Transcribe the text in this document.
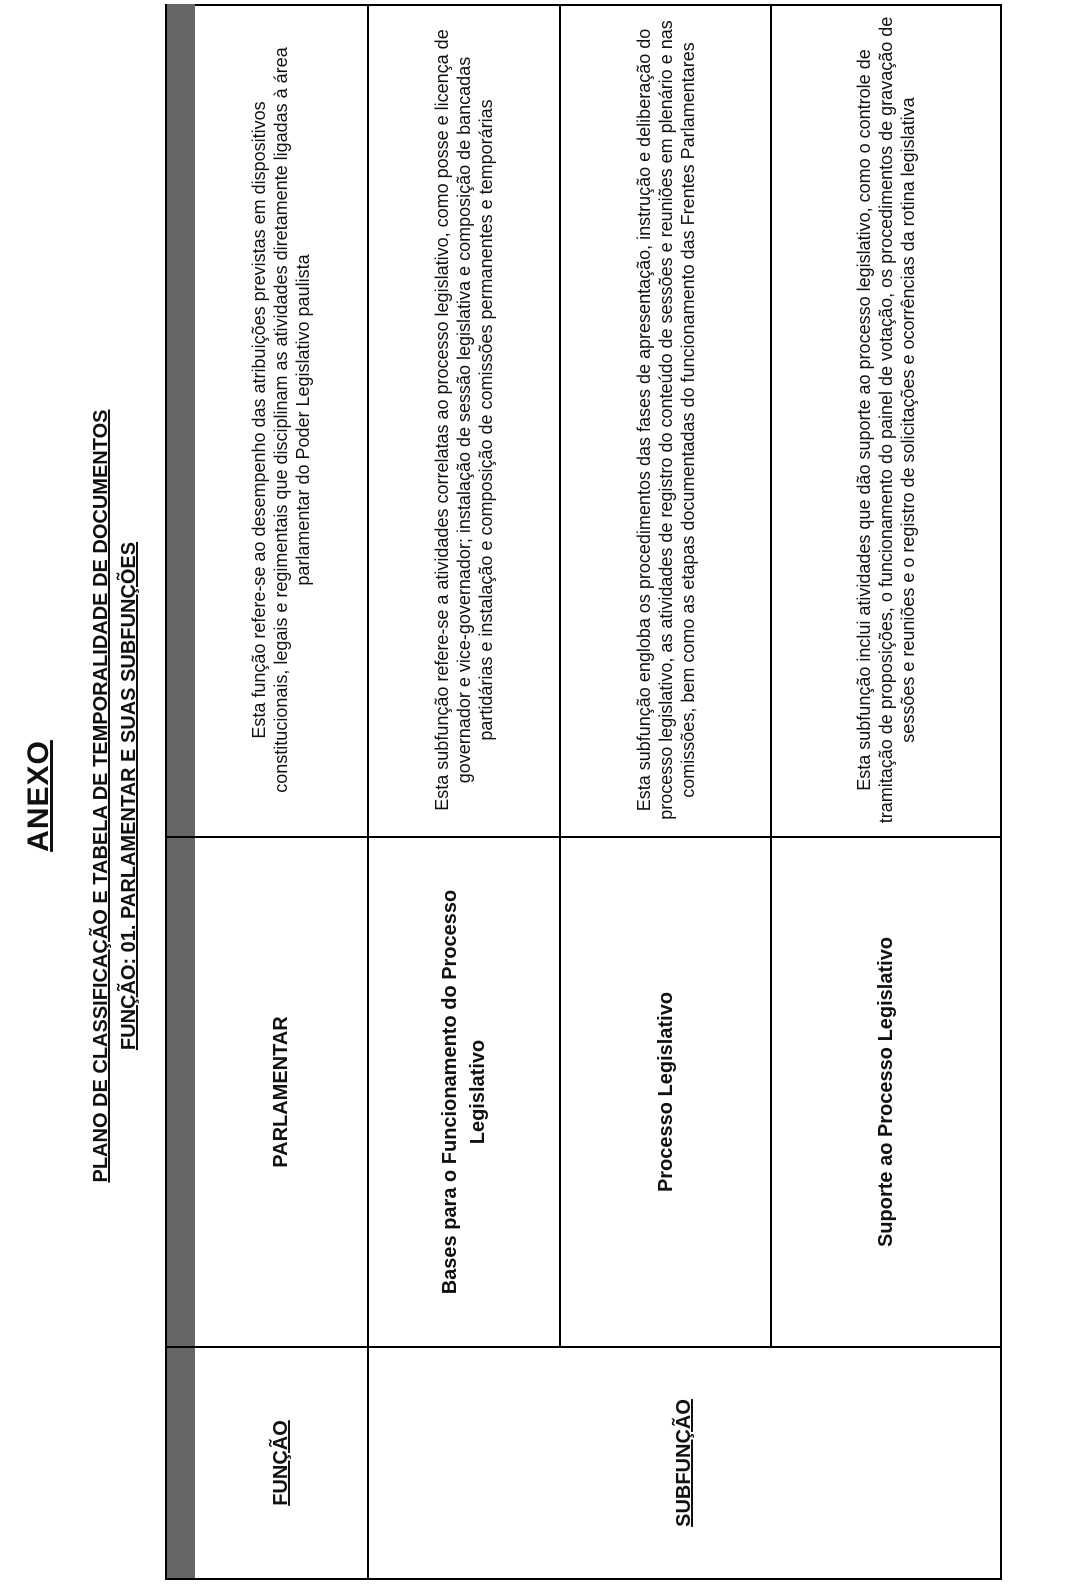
ANEXO PLANO DE CLASSIFICAÇÃO E TABELA DE TEMPORALIDADE DE DOCUMENTOS FUNÇÃO: 01. PARLAMENTAR E SUAS SUBFUNÇÕES
FUNÇÃO
PARLAMENTAR
Esta função refere-se ao desempenho das atribuições previstas em dispositivos constitucionais, legais e regimentais que disciplinam as atividades diretamente ligadas à área parlamentar do Poder Legislativo paulista
SUBFUNÇÃO
Bases para o Funcionamento do Processo Legislativo
Esta subfunção refere-se a atividades correlatas ao processo legislativo, como posse e licença de governador e vice-governador; instalação de sessão legislativa e composição de bancadas partidárias e instalação e composição de comissões permanentes e temporárias
Processo Legislativo
Esta subfunção engloba os procedimentos das fases de apresentação, instrução e deliberação do processo legislativo, as atividades de registro do conteúdo de sessões e reuniões em plenário e nas comissões, bem como as etapas documentadas do funcionamento das Frentes Parlamentares
Suporte ao Processo Legislativo
Esta subfunção inclui atividades que dão suporte ao processo legislativo, como o controle de tramitação de proposições, o funcionamento do painel de votação, os procedimentos de gravação de sessões e reuniões e o registro de solicitações e ocorrências da rotina legislativa
